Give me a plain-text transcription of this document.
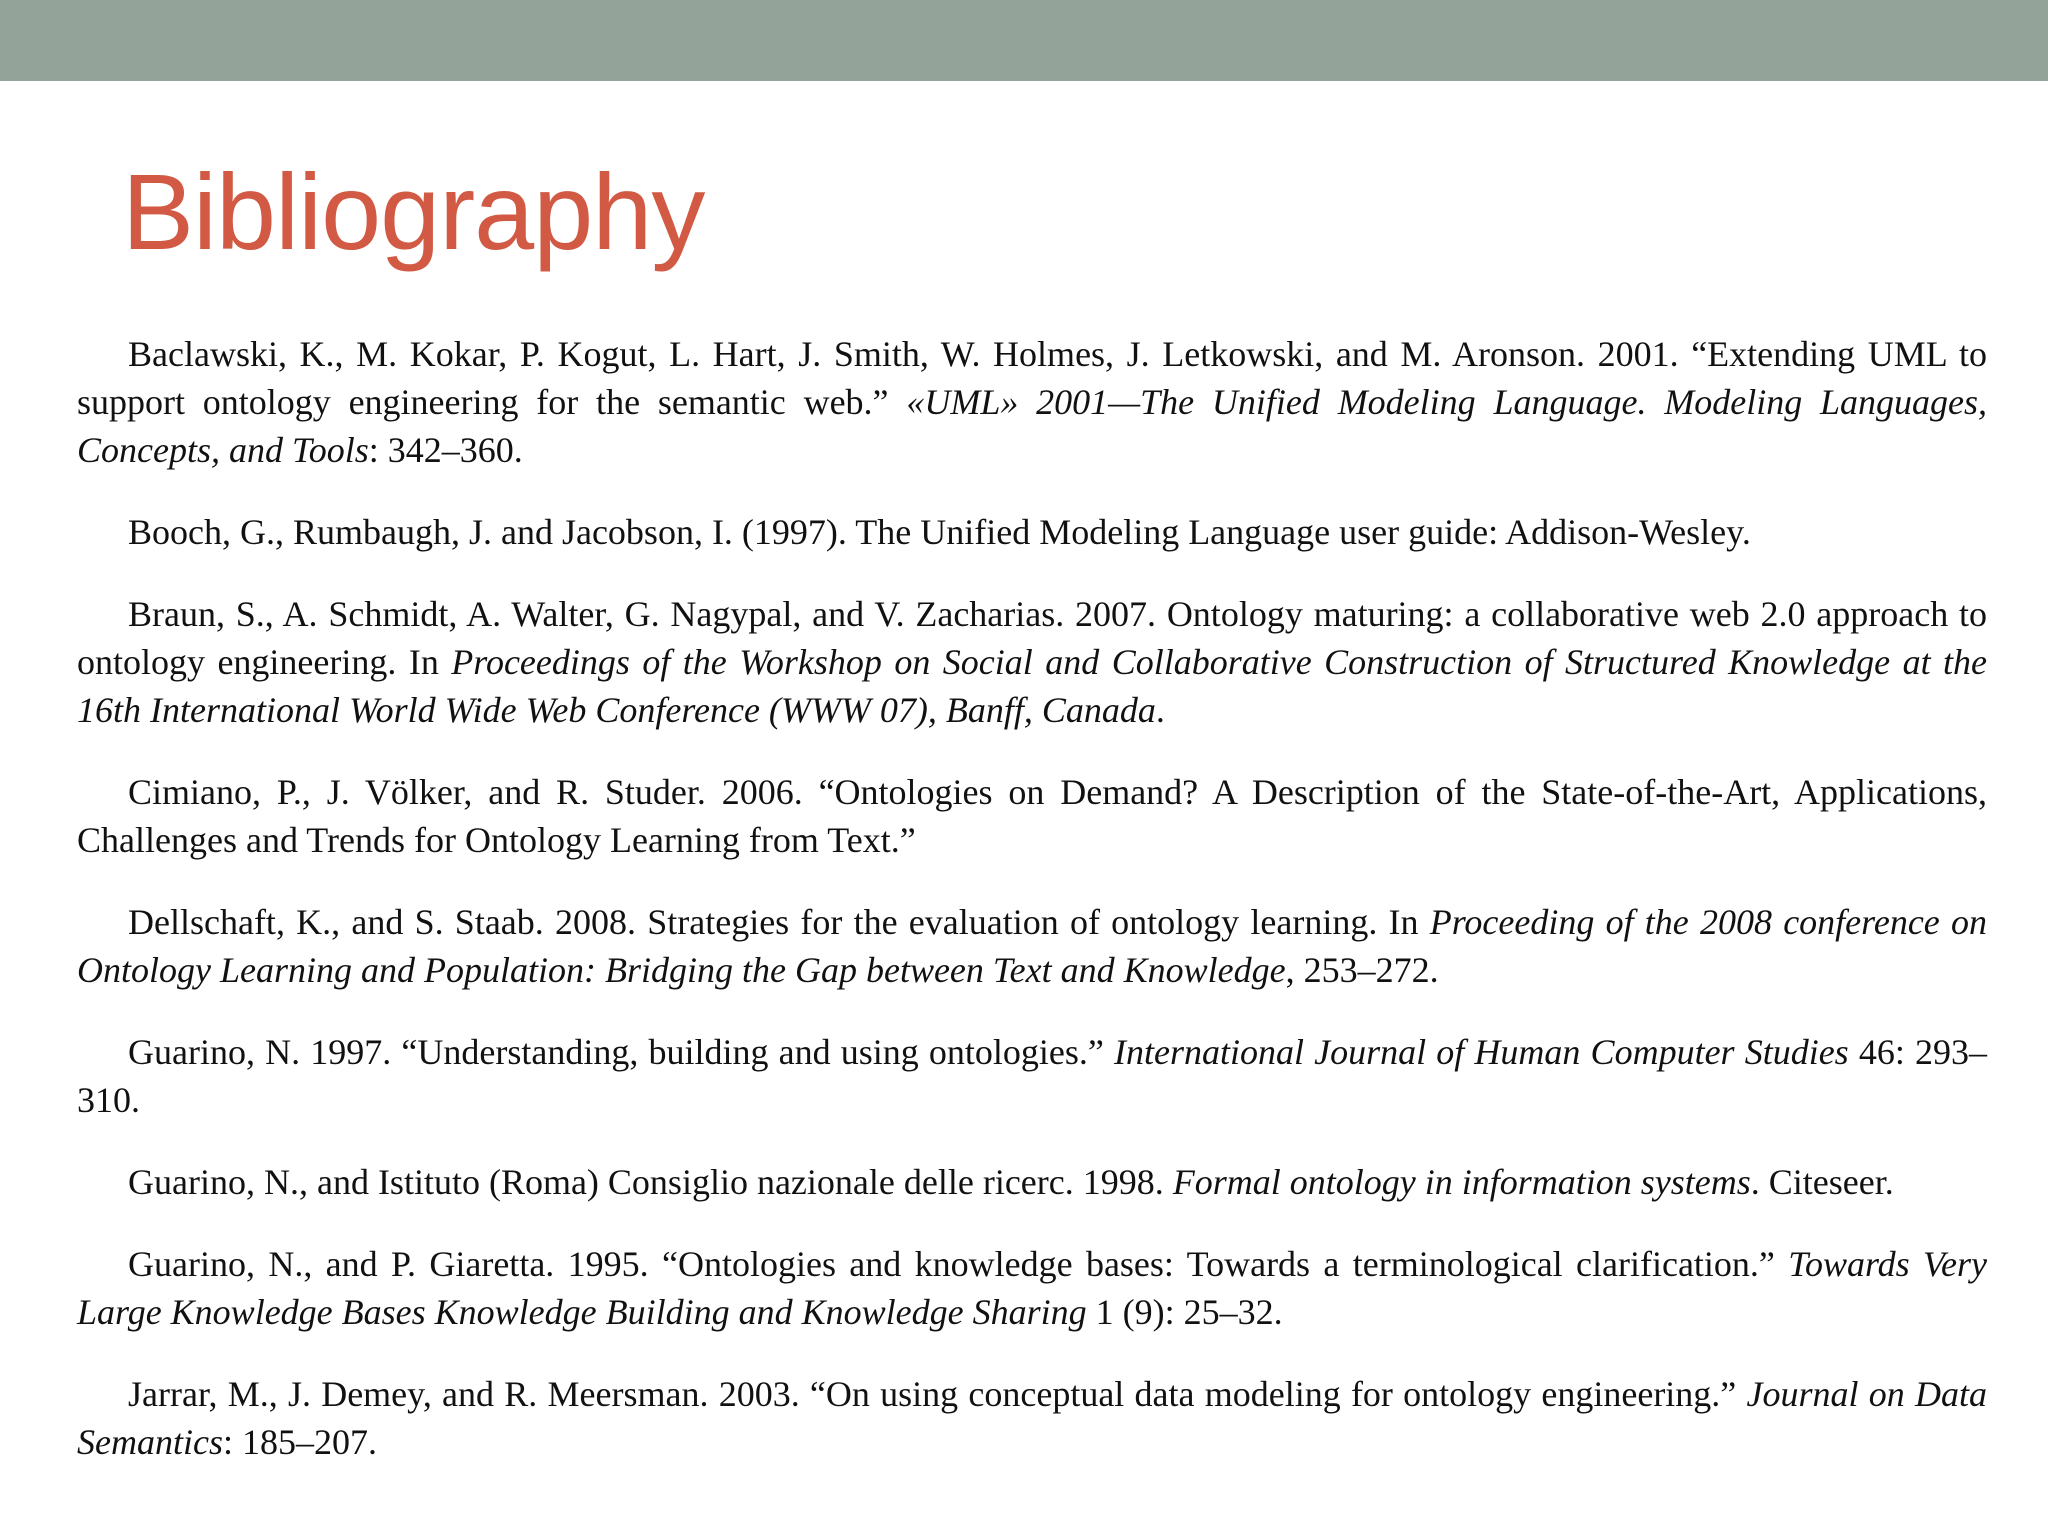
Bibliography

Baclawski, K., M. Kokar, P. Kogut, L. Hart, J. Smith, W. Holmes, J. Letkowski, and M. Aronson. 2001. “Extending UML to support ontology engineering for the semantic web.” «UML» 2001—The Unified Modeling Language. Modeling Languages, Concepts, and Tools: 342–360.

Booch, G., Rumbaugh, J. and Jacobson, I. (1997). The Unified Modeling Language user guide: Addison-Wesley.

Braun, S., A. Schmidt, A. Walter, G. Nagypal, and V. Zacharias. 2007. Ontology maturing: a collaborative web 2.0 approach to ontology engineering. In Proceedings of the Workshop on Social and Collaborative Construction of Structured Knowledge at the 16th International World Wide Web Conference (WWW 07), Banff, Canada.

Cimiano, P., J. Völker, and R. Studer. 2006. “Ontologies on Demand? A Description of the State-of-the-Art, Applications, Challenges and Trends for Ontology Learning from Text.”

Dellschaft, K., and S. Staab. 2008. Strategies for the evaluation of ontology learning. In Proceeding of the 2008 conference on Ontology Learning and Population: Bridging the Gap between Text and Knowledge, 253–272.

Guarino, N. 1997. “Understanding, building and using ontologies.” International Journal of Human Computer Studies 46: 293–310.

Guarino, N., and Istituto (Roma) Consiglio nazionale delle ricerc. 1998. Formal ontology in information systems. Citeseer.

Guarino, N., and P. Giaretta. 1995. “Ontologies and knowledge bases: Towards a terminological clarification.” Towards Very Large Knowledge Bases Knowledge Building and Knowledge Sharing 1 (9): 25–32.

Jarrar, M., J. Demey, and R. Meersman. 2003. “On using conceptual data modeling for ontology engineering.” Journal on Data Semantics: 185–207.
